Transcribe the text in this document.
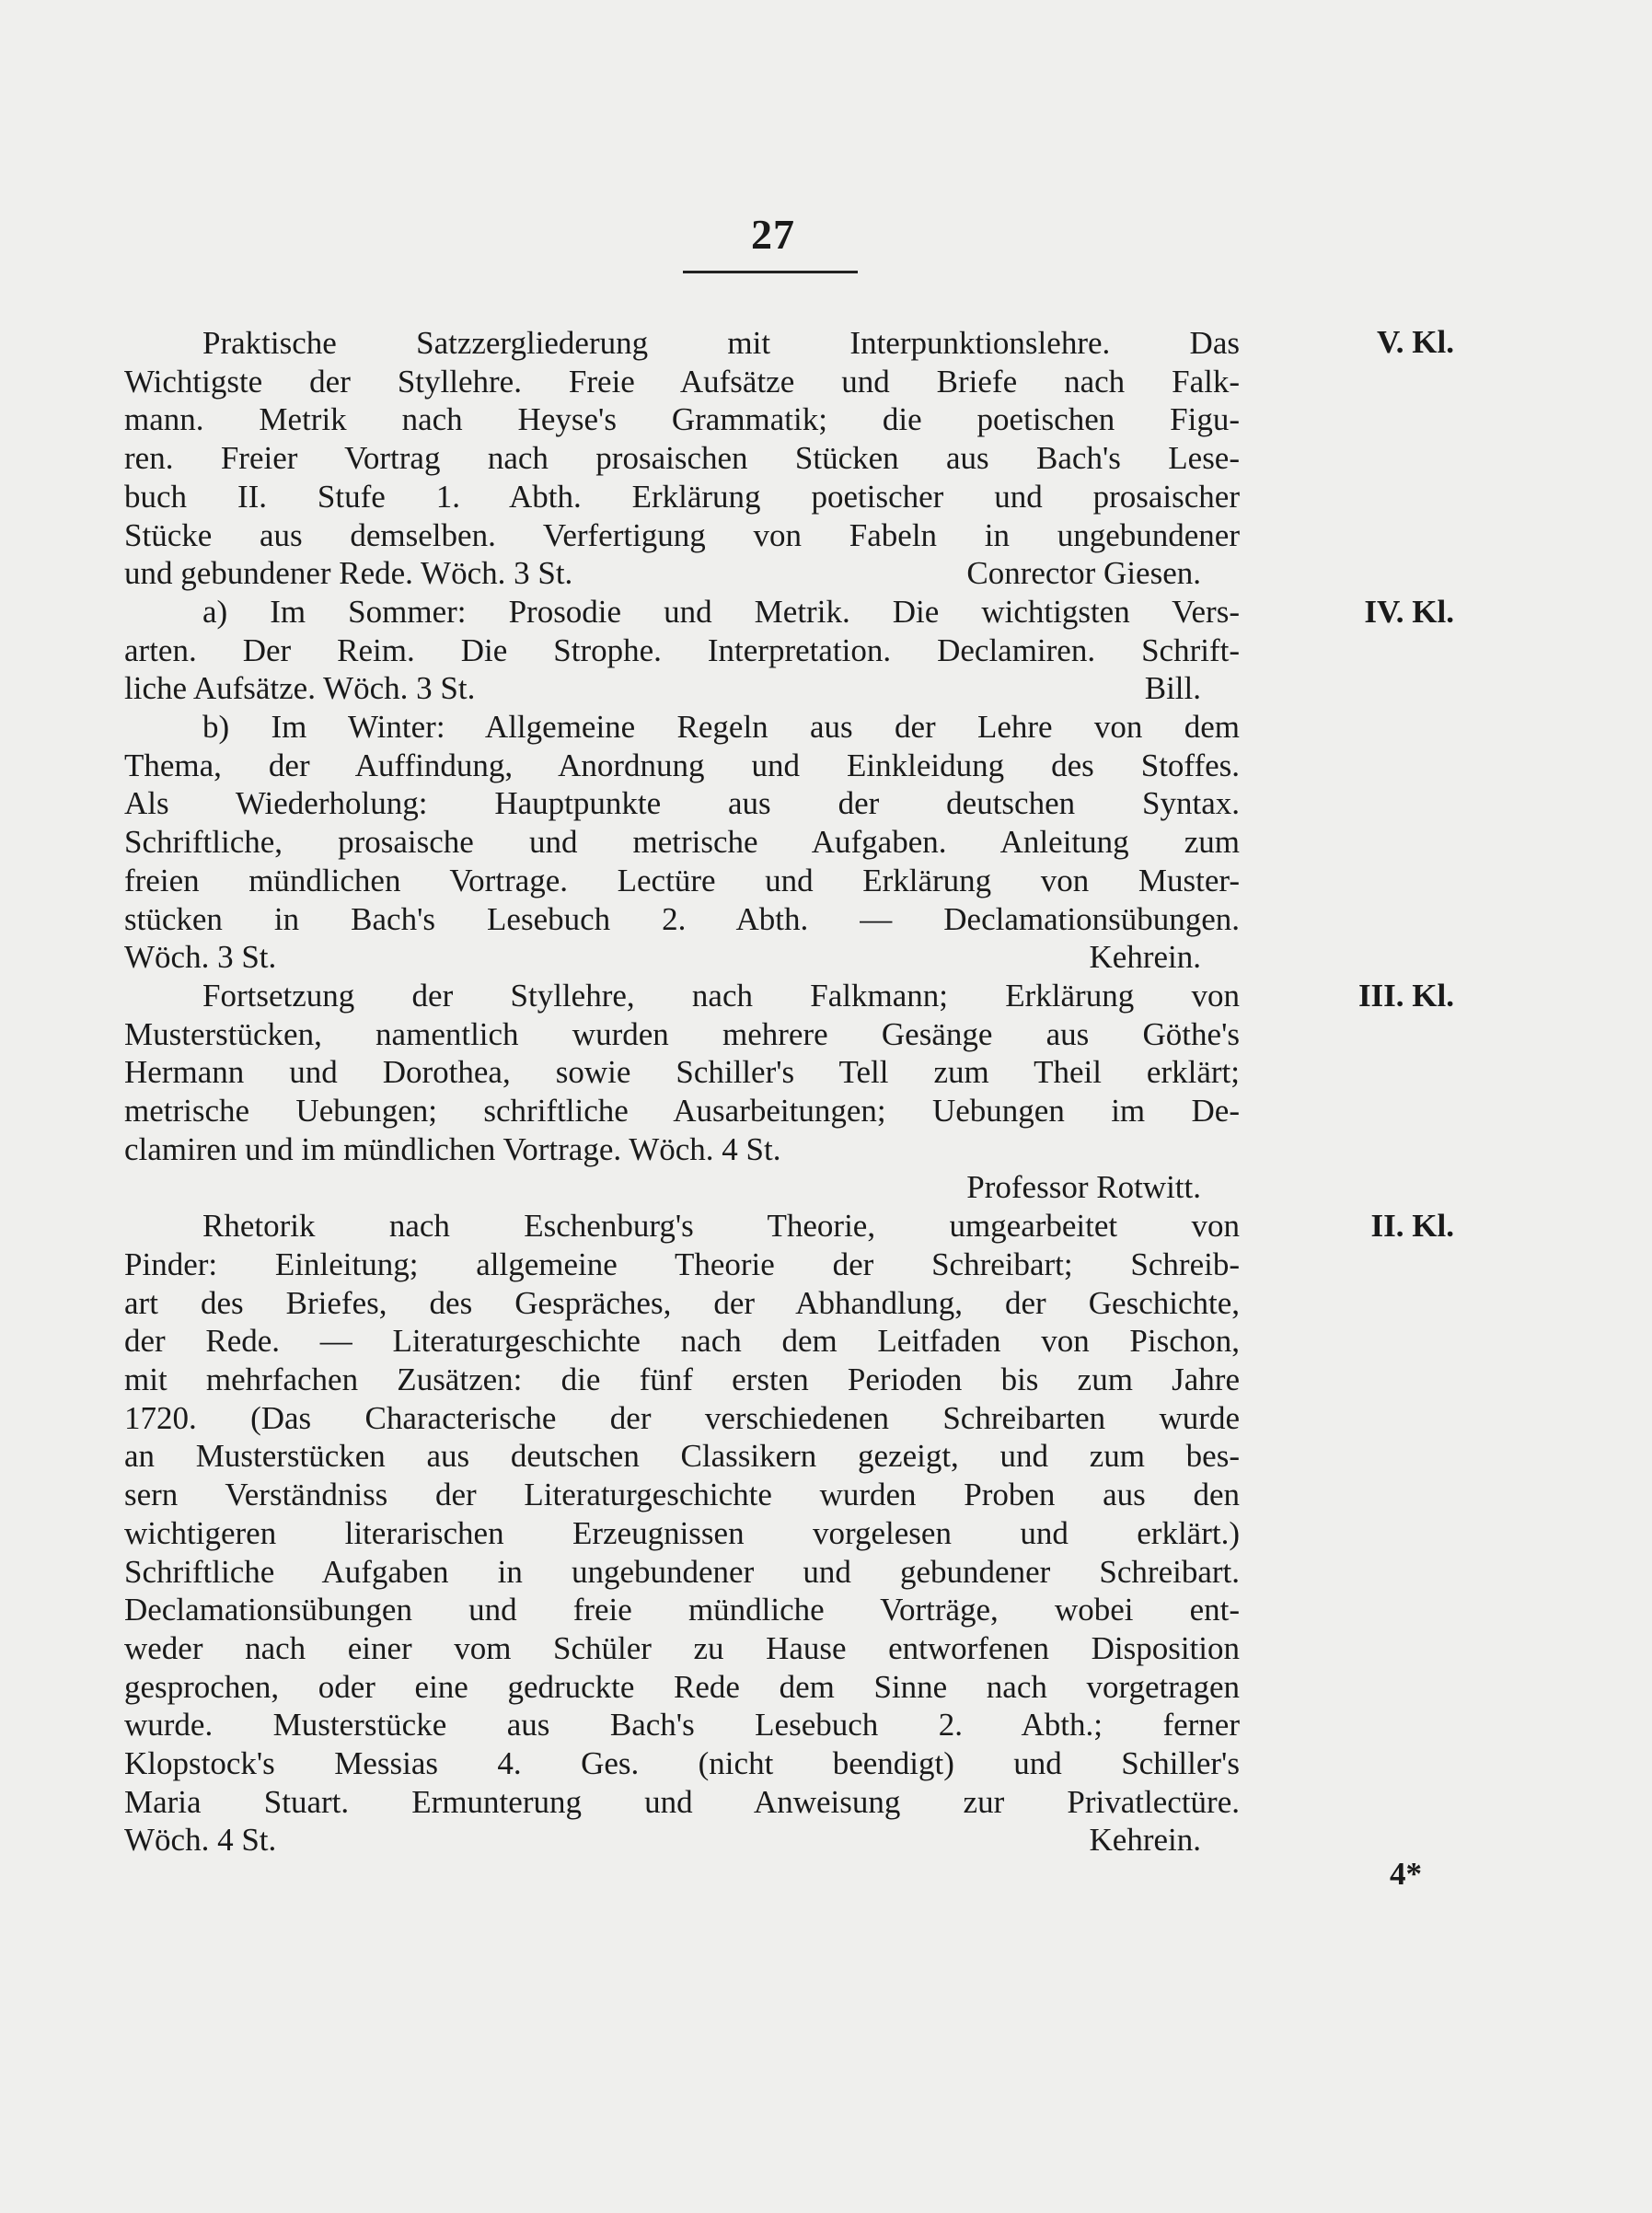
27
V. Kl.
IV. Kl.
III. Kl.
II. Kl.
Praktische Satzzergliederung mit Interpunktionslehre. Das
Wichtigste der Styllehre. Freie Aufsätze und Briefe nach Falk-
mann. Metrik nach Heyse's Grammatik; die poetischen Figu-
ren. Freier Vortrag nach prosaischen Stücken aus Bach's Lese-
buch II. Stufe 1. Abth. Erklärung poetischer und prosaischer
Stücke aus demselben. Verfertigung von Fabeln in ungebundener
und gebundener Rede. Wöch. 3 St.	Conrector Giesen.
a) Im Sommer: Prosodie und Metrik. Die wichtigsten Vers-
arten. Der Reim. Die Strophe. Interpretation. Declamiren. Schrift-
liche Aufsätze. Wöch. 3 St.	Bill.
b) Im Winter: Allgemeine Regeln aus der Lehre von dem
Thema, der Auffindung, Anordnung und Einkleidung des Stoffes.
Als Wiederholung: Hauptpunkte aus der deutschen Syntax.
Schriftliche, prosaische und metrische Aufgaben. Anleitung zum
freien mündlichen Vortrage. Lectüre und Erklärung von Muster-
stücken in Bach's Lesebuch 2. Abth. — Declamationsübungen.
Wöch. 3 St.	Kehrein.
Fortsetzung der Styllehre, nach Falkmann; Erklärung von
Musterstücken, namentlich wurden mehrere Gesänge aus Göthe's
Hermann und Dorothea, sowie Schiller's Tell zum Theil erklärt;
metrische Uebungen; schriftliche Ausarbeitungen; Uebungen im De-
clamiren und im mündlichen Vortrage. Wöch. 4 St.
Professor Rotwitt.
Rhetorik nach Eschenburg's Theorie, umgearbeitet von
Pinder: Einleitung; allgemeine Theorie der Schreibart; Schreib-
art des Briefes, des Gespräches, der Abhandlung, der Geschichte,
der Rede. — Literaturgeschichte nach dem Leitfaden von Pischon,
mit mehrfachen Zusätzen: die fünf ersten Perioden bis zum Jahre
1720. (Das Characterische der verschiedenen Schreibarten wurde
an Musterstücken aus deutschen Classikern gezeigt, und zum bes-
sern Verständniss der Literaturgeschichte wurden Proben aus den
wichtigeren literarischen Erzeugnissen vorgelesen und erklärt.)
Schriftliche Aufgaben in ungebundener und gebundener Schreibart.
Declamationsübungen und freie mündliche Vorträge, wobei ent-
weder nach einer vom Schüler zu Hause entworfenen Disposition
gesprochen, oder eine gedruckte Rede dem Sinne nach vorgetragen
wurde. Musterstücke aus Bach's Lesebuch 2. Abth.; ferner
Klopstock's Messias 4. Ges. (nicht beendigt) und Schiller's
Maria Stuart. Ermunterung und Anweisung zur Privatlectüre.
Wöch. 4 St.	Kehrein.
4*
